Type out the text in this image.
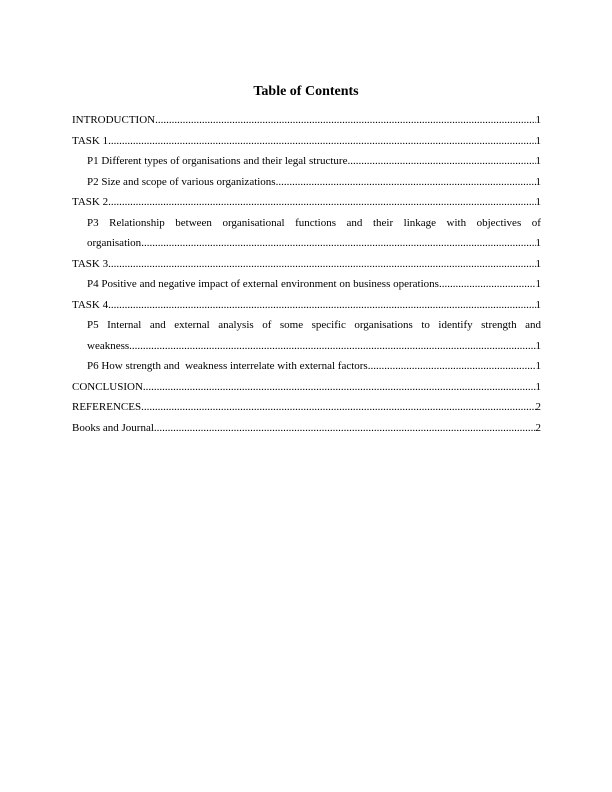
Table of Contents
INTRODUCTION .....	1
TASK 1 .....	1
P1 Different types of organisations and their legal structure .....	1
P2 Size and scope of various organizations .....	1
TASK 2 .....	1
P3 Relationship between organisational functions and their linkage with objectives of
organisation .....	1
TASK 3 .....	1
P4 Positive and negative impact of external environment on business operations .....	1
TASK 4 .....	1
P5 Internal and external analysis of some specific organisations to identify strength and
weakness .....	1
P6 How strength and  weakness interrelate with external factors .....	1
CONCLUSION .....	1
REFERENCES .....	2
Books and Journal .....	2
